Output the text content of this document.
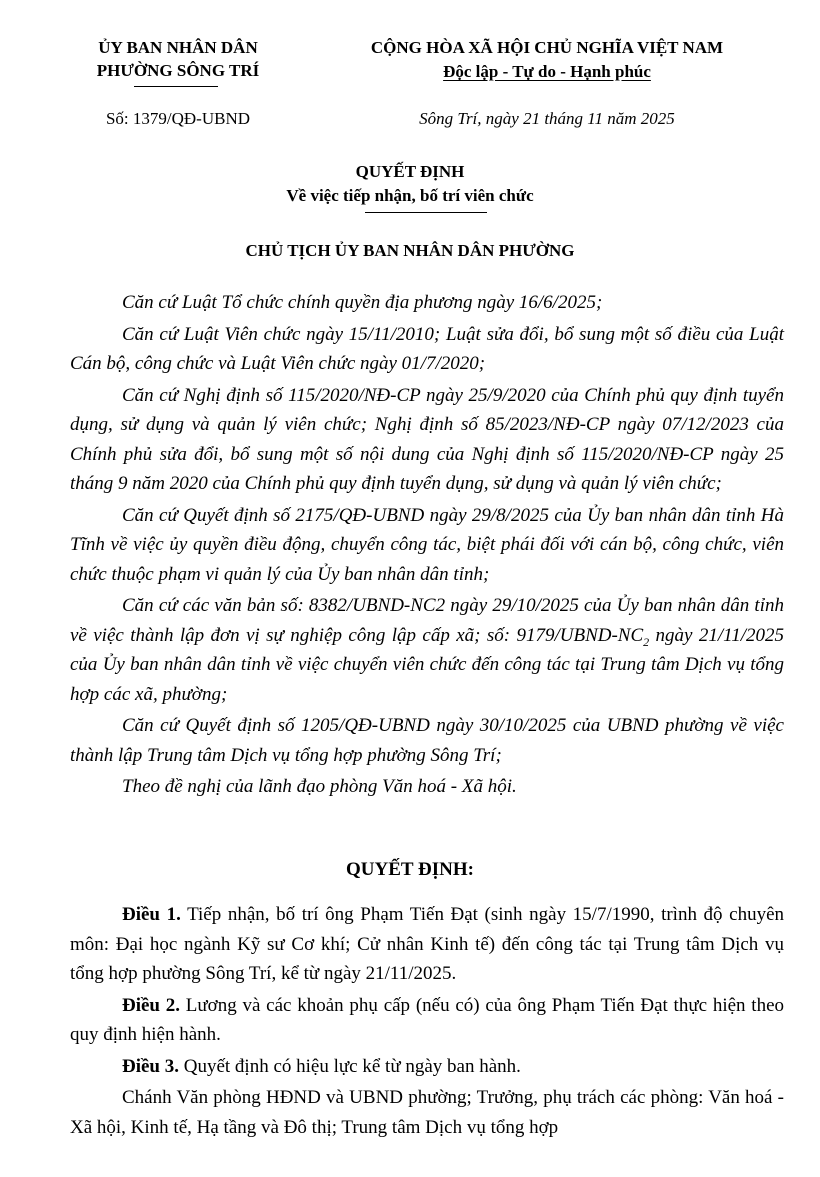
ỦY BAN NHÂN DÂN
PHƯỜNG SÔNG TRÍ
CỘNG HÒA XÃ HỘI CHỦ NGHĨA VIỆT NAM
Độc lập - Tự do - Hạnh phúc
Số: 1379/QĐ-UBND	Sông Trí, ngày 21 tháng 11 năm 2025
QUYẾT ĐỊNH
Về việc tiếp nhận, bố trí viên chức
CHỦ TỊCH ỦY BAN NHÂN DÂN PHƯỜNG

Căn cứ Luật Tổ chức chính quyền địa phương ngày 16/6/2025;

Căn cứ Luật Viên chức ngày 15/11/2010; Luật sửa đổi, bổ sung một số điều của Luật Cán bộ, công chức và Luật Viên chức ngày 01/7/2020;

Căn cứ Nghị định số 115/2020/NĐ-CP ngày 25/9/2020 của Chính phủ quy định tuyển dụng, sử dụng và quản lý viên chức; Nghị định số 85/2023/NĐ-CP ngày 07/12/2023 của Chính phủ sửa đổi, bổ sung một số nội dung của Nghị định số 115/2020/NĐ-CP ngày 25 tháng 9 năm 2020 của Chính phủ quy định tuyển dụng, sử dụng và quản lý viên chức;

Căn cứ Quyết định số 2175/QĐ-UBND ngày 29/8/2025 của Ủy ban nhân dân tỉnh Hà Tĩnh về việc ủy quyền điều động, chuyển công tác, biệt phái đối với cán bộ, công chức, viên chức thuộc phạm vi quản lý của Ủy ban nhân dân tỉnh;

Căn cứ các văn bản số: 8382/UBND-NC2 ngày 29/10/2025 của Ủy ban nhân dân tỉnh về việc thành lập đơn vị sự nghiệp công lập cấp xã; số: $9179/UBND-NC_2$ ngày 21/11/2025 của Ủy ban nhân dân tỉnh về việc chuyển viên chức đến công tác tại Trung tâm Dịch vụ tổng hợp các xã, phường;

Căn cứ Quyết định số 1205/QĐ-UBND ngày 30/10/2025 của UBND phường về việc thành lập Trung tâm Dịch vụ tổng hợp phường Sông Trí;

Theo đề nghị của lãnh đạo phòng Văn hoá - Xã hội.

QUYẾT ĐỊNH:

Điều 1. Tiếp nhận, bố trí ông Phạm Tiến Đạt (sinh ngày 15/7/1990, trình độ chuyên môn: Đại học ngành Kỹ sư Cơ khí; Cử nhân Kinh tế) đến công tác tại Trung tâm Dịch vụ tổng hợp phường Sông Trí, kể từ ngày 21/11/2025.

Điều 2. Lương và các khoản phụ cấp (nếu có) của ông Phạm Tiến Đạt thực hiện theo quy định hiện hành.

Điều 3. Quyết định có hiệu lực kể từ ngày ban hành.

Chánh Văn phòng HĐND và UBND phường; Trưởng, phụ trách các phòng: Văn hoá - Xã hội, Kinh tế, Hạ tầng và Đô thị; Trung tâm Dịch vụ tổng hợp
